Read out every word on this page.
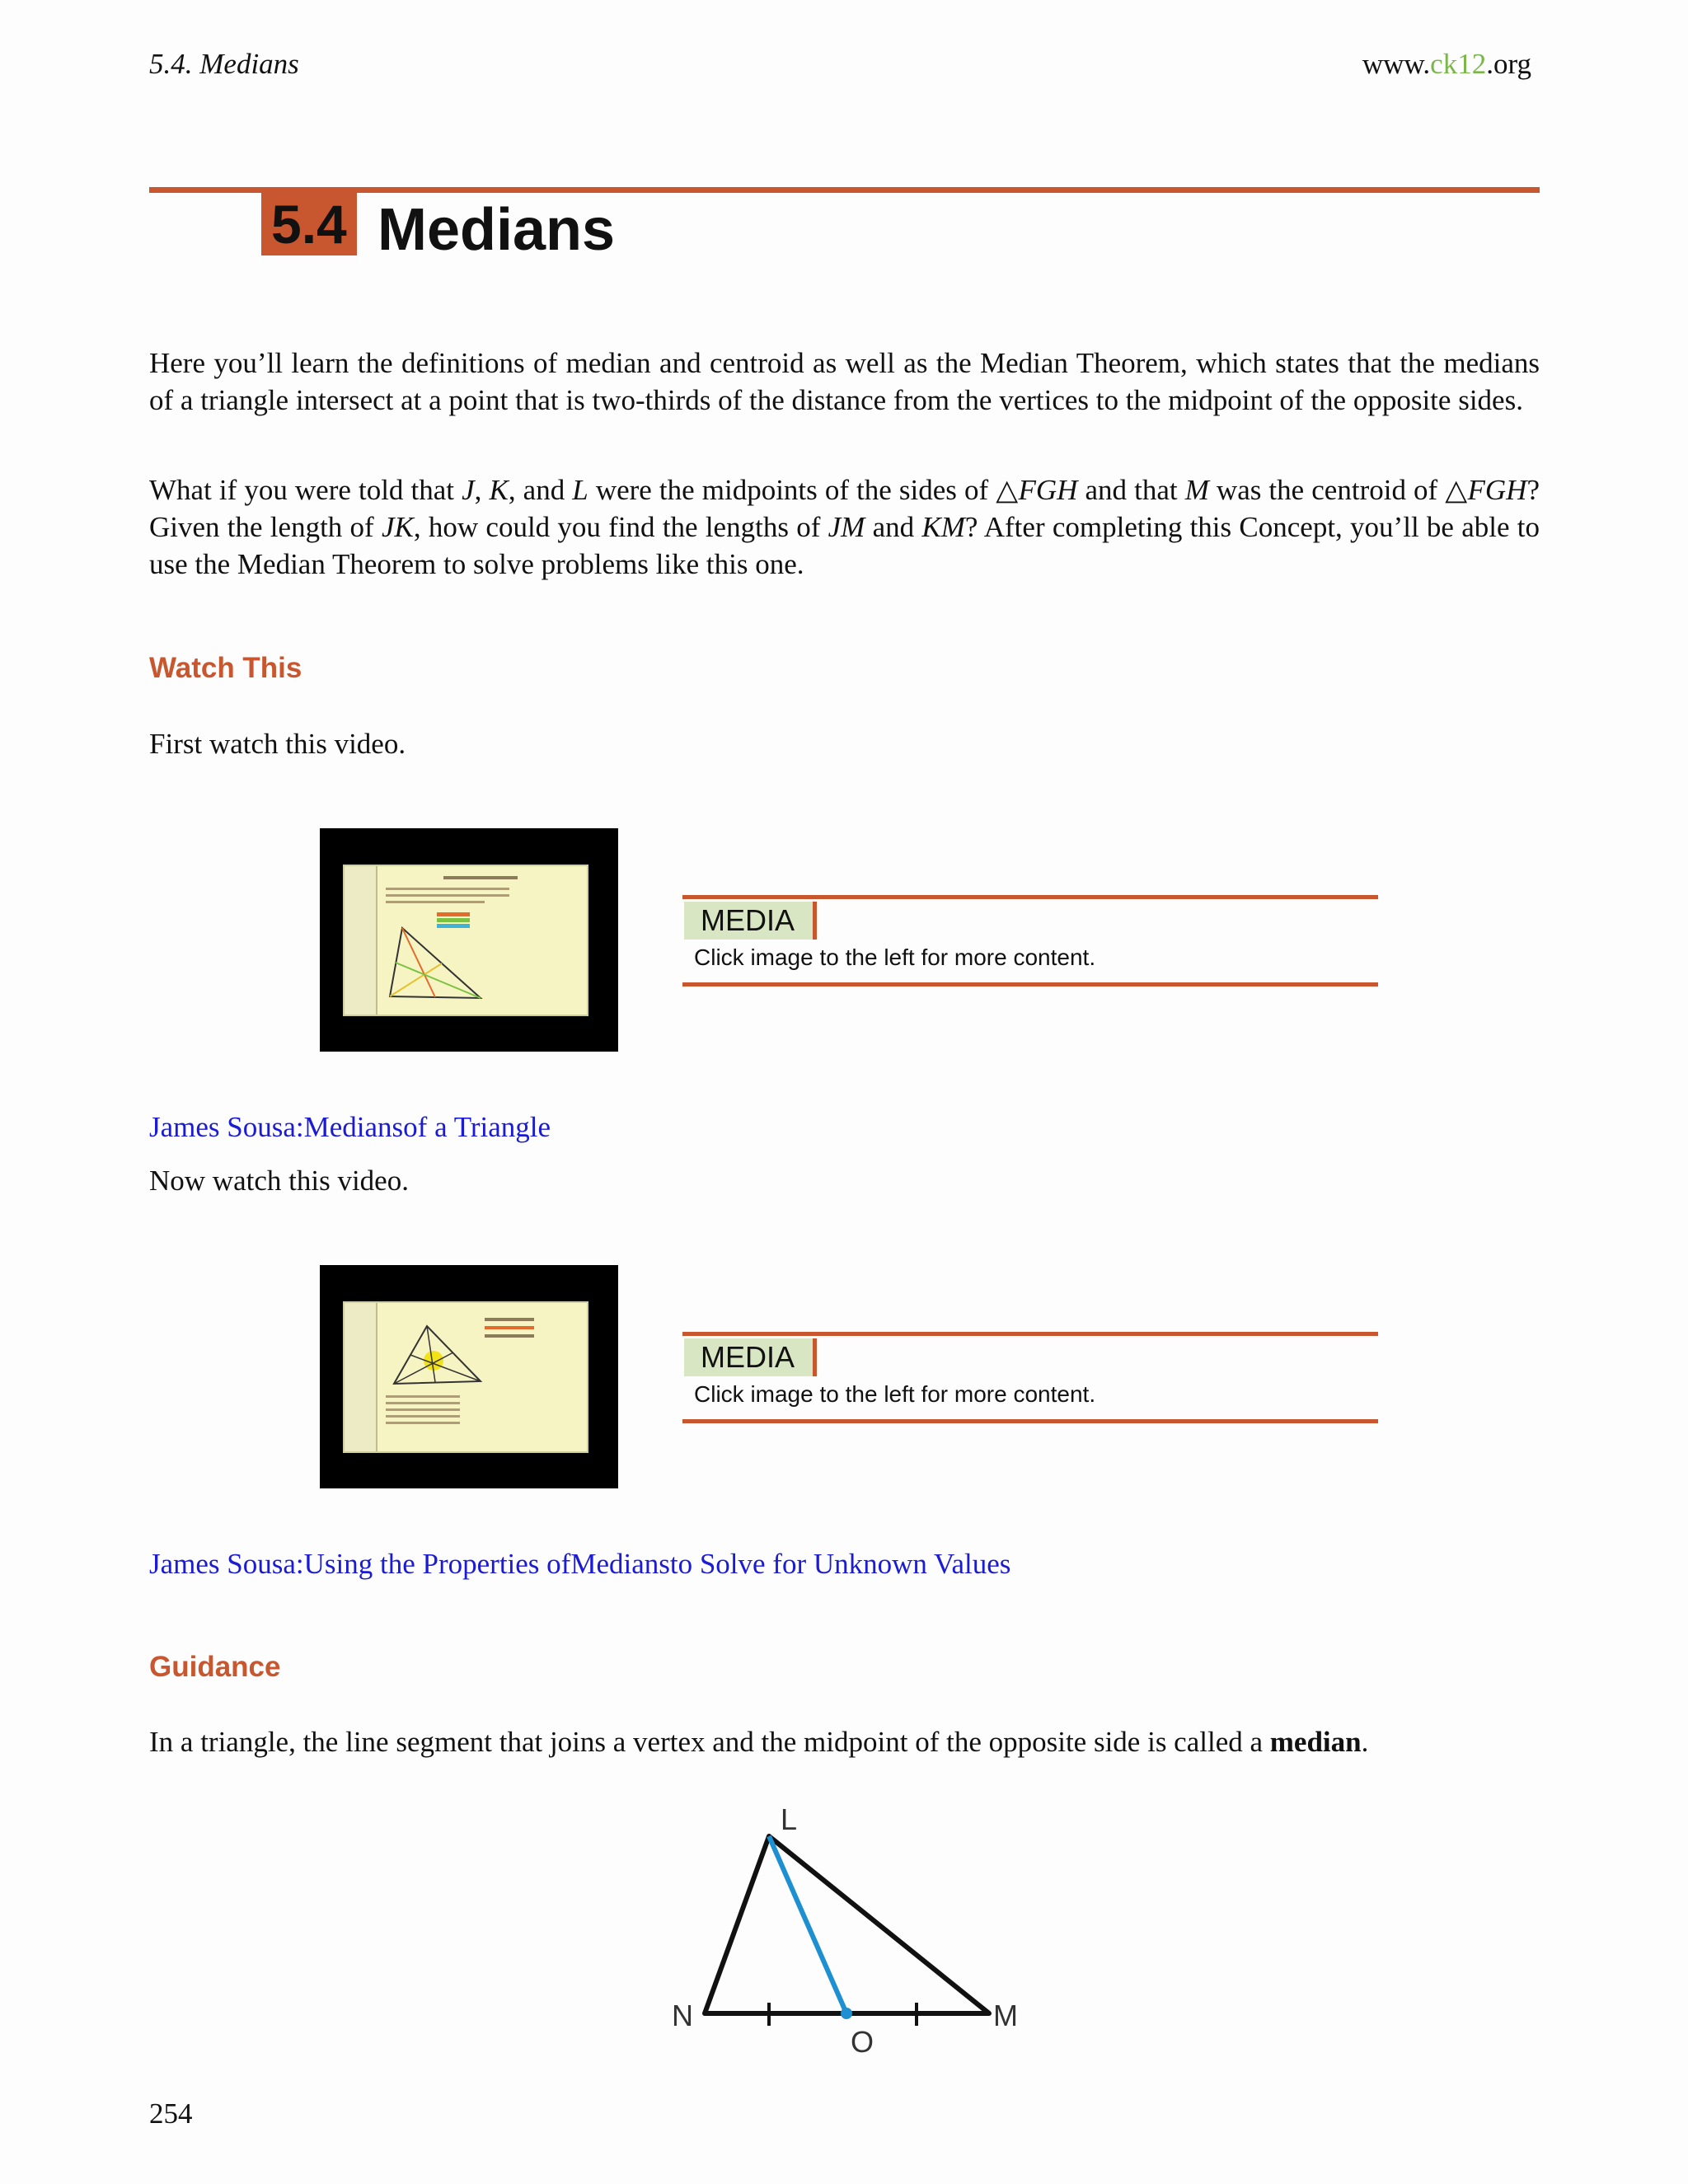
5.4. Medians	www.ck12.org
5.4 Medians
Here you’ll learn the definitions of median and centroid as well as the Median Theorem, which states that the medians of a triangle intersect at a point that is two-thirds of the distance from the vertices to the midpoint of the opposite sides.
What if you were told that J, K, and L were the midpoints of the sides of △FGH and that M was the centroid of △FGH? Given the length of JK, how could you find the lengths of JM and KM? After completing this Concept, you’ll be able to use the Median Theorem to solve problems like this one.
Watch This
First watch this video.
MEDIA
Click image to the left for more content.
James Sousa:Mediansof a Triangle
Now watch this video.
MEDIA
Click image to the left for more content.
James Sousa:Using the Properties ofMediansto Solve for Unknown Values
Guidance
In a triangle, the line segment that joins a vertex and the midpoint of the opposite side is called a median.
L
N	M
O
254
